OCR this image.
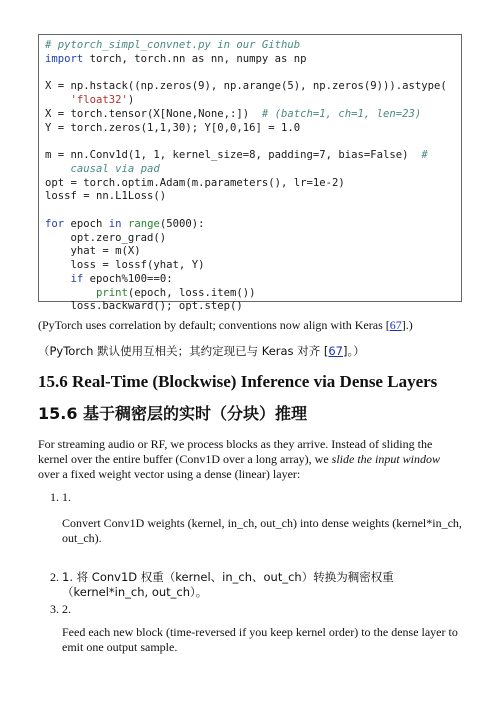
# pytorch_simpl_convnet.py in our Github
import torch, torch.nn as nn, numpy as np
X = np.hstack((np.zeros(9), np.arange(5), np.zeros(9))).astype(
'float32')
X = torch.tensor(X[None,None,:])  # (batch=1, ch=1, len=23)
Y = torch.zeros(1,1,30); Y[0,0,16] = 1.0
m = nn.Conv1d(1, 1, kernel_size=8, padding=7, bias=False)  #
causal via pad
opt = torch.optim.Adam(m.parameters(), lr=1e-2)
lossf = nn.L1Loss()
for epoch in range(5000):
opt.zero_grad()
yhat = m(X)
loss = lossf(yhat, Y)
if epoch%100==0:
print(epoch, loss.item())
loss.backward(); opt.step()

(PyTorch uses correlation by default; conventions now align with Keras [67].)

（PyTorch 默认使用互相关；其约定现已与 Keras 对齐 [67]。）

15.6 Real-Time (Blockwise) Inference via Dense Layers
15.6 基于稠密层的实时（分块）推理

For streaming audio or RF, we process blocks as they arrive. Instead of sliding the kernel over the entire buffer (Conv1D over a long array), we slide the input window over a fixed weight vector using a dense (linear) layer:

1. 1.

Convert Conv1D weights (kernel, in_ch, out_ch) into dense weights (kernel*in_ch, out_ch).

2. 1. 将 Conv1D 权重（kernel、in_ch、out_ch）转换为稠密权重（kernel*in_ch, out_ch）。

3. 2.

Feed each new block (time-reversed if you keep kernel order) to the dense layer to emit one output sample.
